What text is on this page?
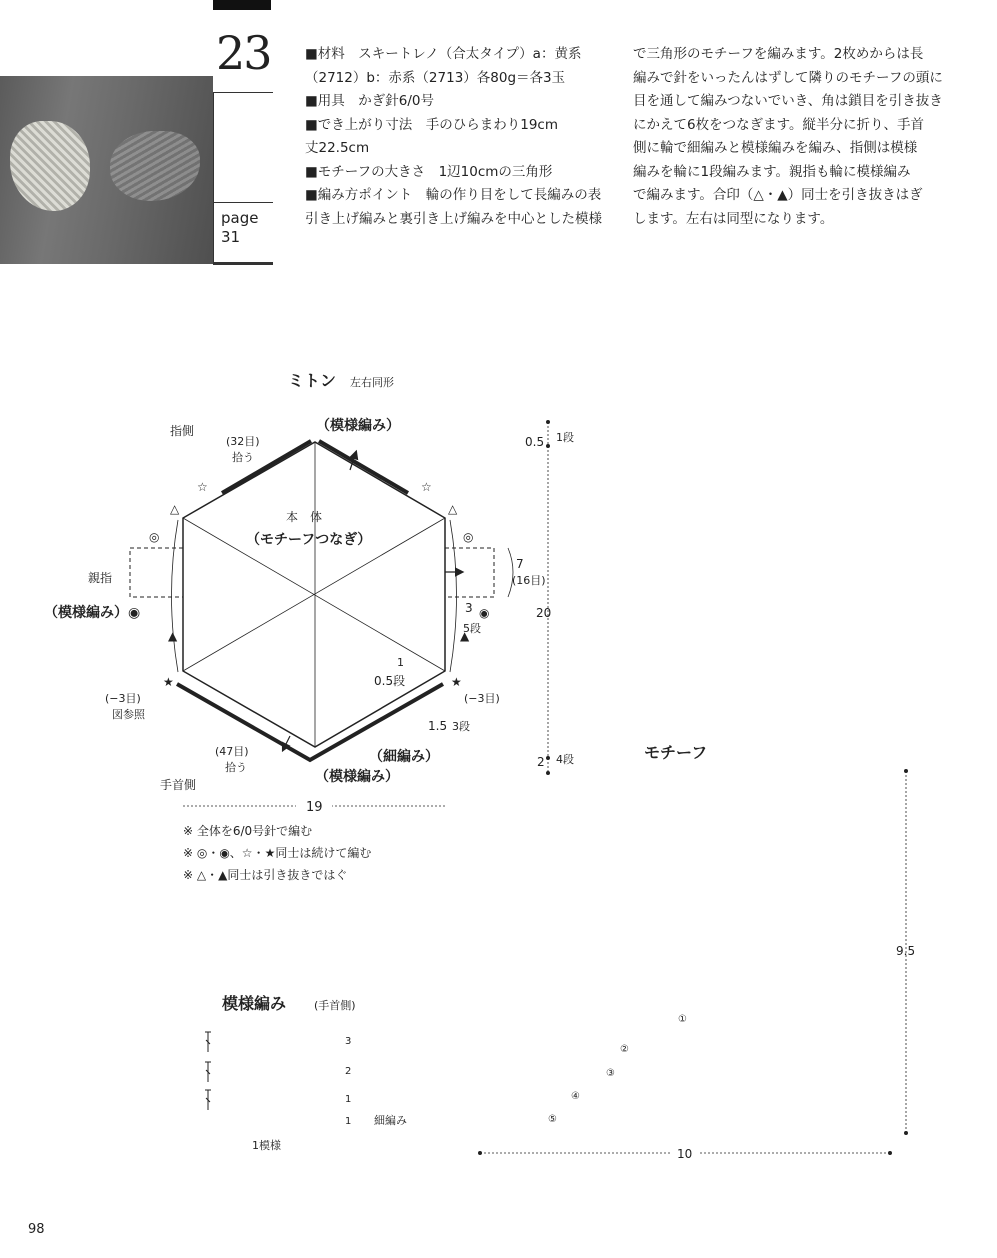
23
page
31
■材料　スキートレノ（合太タイプ）a：黄系
（2712）b：赤系（2713）各80g＝各3玉
■用具　かぎ針6/0号
■でき上がり寸法　手のひらまわり19cm
丈22.5cm
■モチーフの大きさ　1辺10cmの三角形
■編み方ポイント　輪の作り目をして長編みの表
引き上げ編みと裏引き上げ編みを中心とした模様
で三角形のモチーフを編みます。2枚めからは長
編みで針をいったんはずして隣りのモチーフの頭に
目を通して編みつないでいき、角は鎖目を引き抜き
にかえて6枚をつなぎます。縦半分に折り、手首
側に輪で細編みと模様編みを編み、指側は模様
編みを輪に1段編みます。親指も輪に模様編み
で編みます。合印（△・▲）同士を引き抜きはぎ
します。左右は同型になります。
ミトン 左右同形
指側	（模様編み）
(32目)
拾う
本　体
（モチーフつなぎ）
親指
（模様編み）◉
(−3目)
図参照
(−3目)
(47目)
拾う
（細編み）
（模様編み）
手首側
☆	☆
△	△
◎	◎
◉
▲	▲
★	★
1
0.5段
1.5 3段
3
5段
7
(16目)
0.5 1段
20
2 4段
19
※ 全体を6/0号針で編む
※ ◎・◉、☆・★同士は続けて編む
※ △・▲同士は引き抜きではぐ
模様編み	(手首側)
3
2
1
1 細編み
1模様
モチーフ
9.5
10
③
②
①
④
⑤
98
